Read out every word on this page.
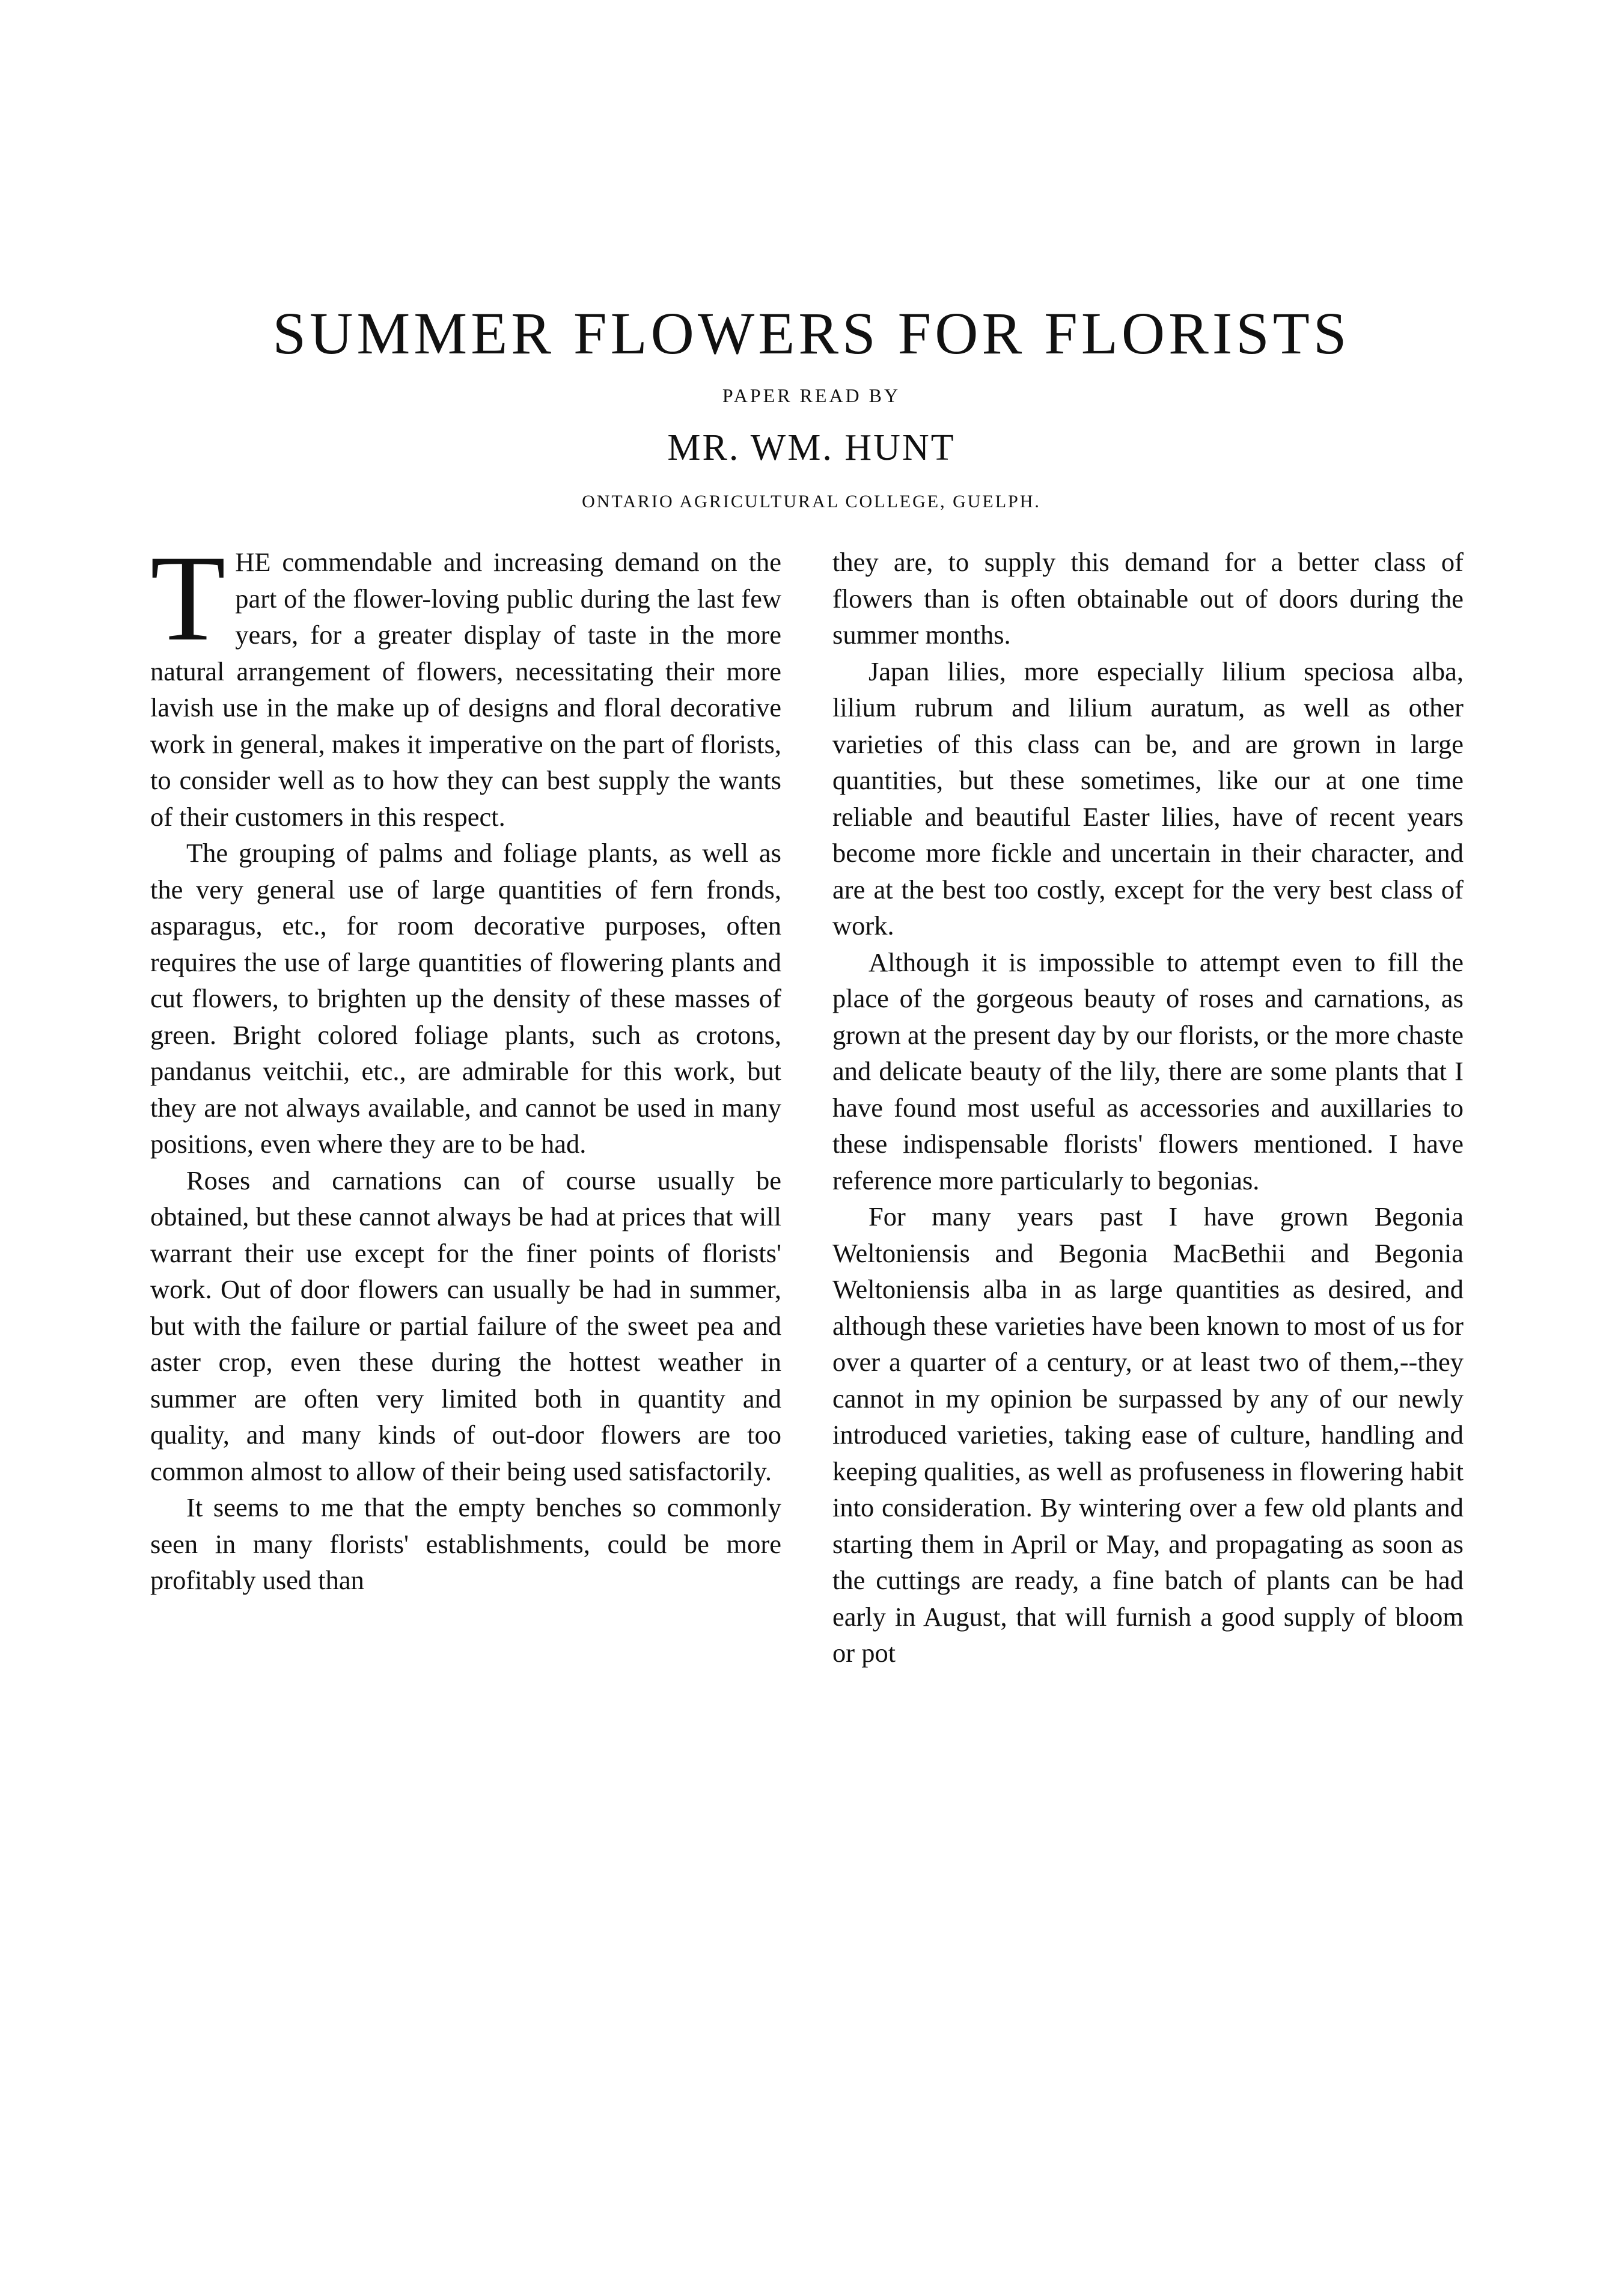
SUMMER FLOWERS FOR FLORISTS
PAPER READ BY
MR. WM. HUNT
ONTARIO AGRICULTURAL COLLEGE, GUELPH.

THE commendable and increasing demand on the part of the flower-loving public during the last few years, for a greater display of taste in the more natural arrangement of flowers, necessitating their more lavish use in the make up of designs and floral decorative work in general, makes it imperative on the part of florists, to consider well as to how they can best supply the wants of their customers in this respect.

The grouping of palms and foliage plants, as well as the very general use of large quantities of fern fronds, asparagus, etc., for room decorative purposes, often requires the use of large quantities of flowering plants and cut flowers, to brighten up the density of these masses of green. Bright colored foliage plants, such as crotons, pandanus veitchii, etc., are admirable for this work, but they are not always available, and cannot be used in many positions, even where they are to be had.

Roses and carnations can of course usually be obtained, but these cannot always be had at prices that will warrant their use except for the finer points of florists' work. Out of door flowers can usually be had in summer, but with the failure or partial failure of the sweet pea and aster crop, even these during the hottest weather in summer are often very limited both in quantity and quality, and many kinds of out-door flowers are too common almost to allow of their being used satisfactorily.

It seems to me that the empty benches so commonly seen in many florists' establishments, could be more profitably used than

they are, to supply this demand for a better class of flowers than is often obtainable out of doors during the summer months.

Japan lilies, more especially lilium speciosa alba, lilium rubrum and lilium auratum, as well as other varieties of this class can be, and are grown in large quantities, but these sometimes, like our at one time reliable and beautiful Easter lilies, have of recent years become more fickle and uncertain in their character, and are at the best too costly, except for the very best class of work.

Although it is impossible to attempt even to fill the place of the gorgeous beauty of roses and carnations, as grown at the present day by our florists, or the more chaste and delicate beauty of the lily, there are some plants that I have found most useful as accessories and auxillaries to these indispensable florists' flowers mentioned. I have reference more particularly to begonias.

For many years past I have grown Begonia Weltoniensis and Begonia MacBethii and Begonia Weltoniensis alba in as large quantities as desired, and although these varieties have been known to most of us for over a quarter of a century, or at least two of them,--they cannot in my opinion be surpassed by any of our newly introduced varieties, taking ease of culture, handling and keeping qualities, as well as profuseness in flowering habit into consideration. By wintering over a few old plants and starting them in April or May, and propagating as soon as the cuttings are ready, a fine batch of plants can be had early in August, that will furnish a good supply of bloom or pot
